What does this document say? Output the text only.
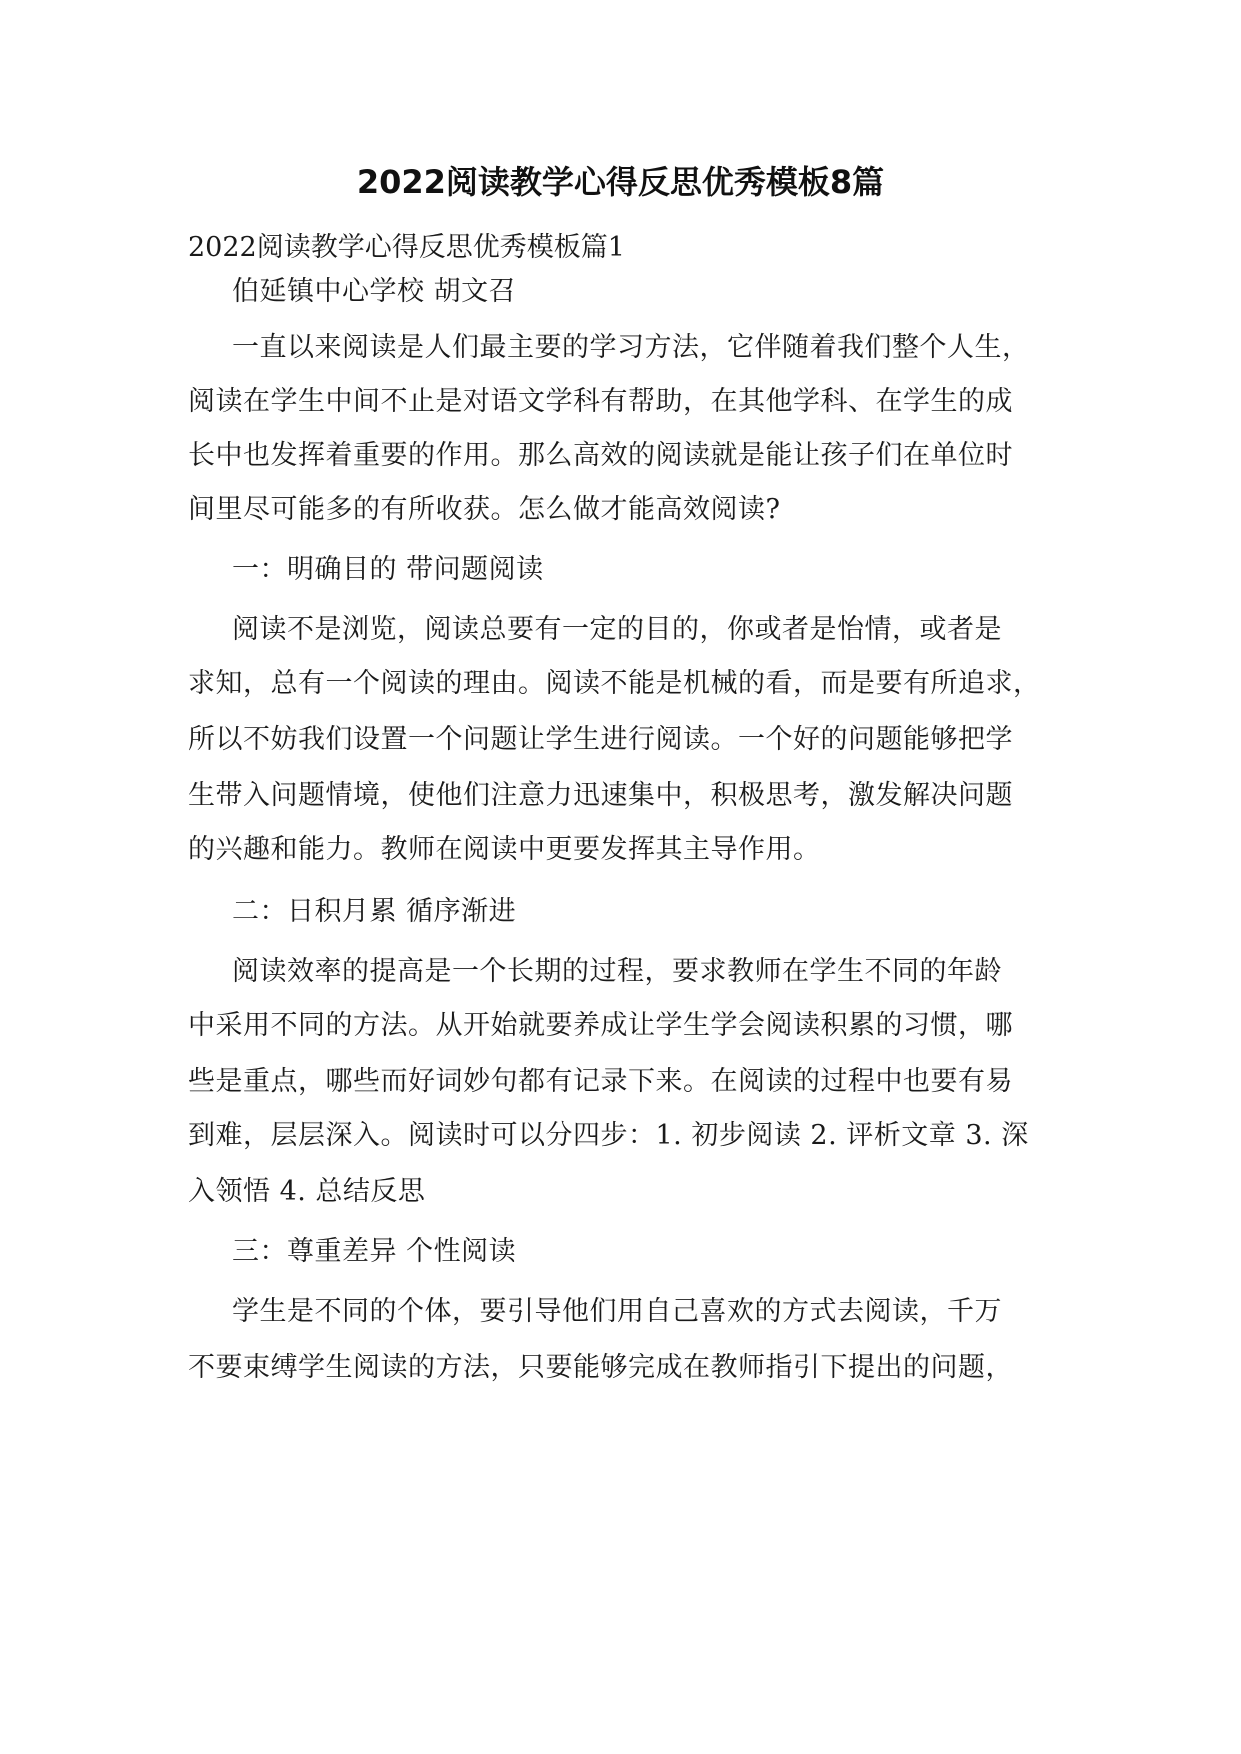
2022阅读教学心得反思优秀模板8篇

2022阅读教学心得反思优秀模板篇1

伯延镇中心学校 胡文召

一直以来阅读是人们最主要的学习方法，它伴随着我们整个人生，

阅读在学生中间不止是对语文学科有帮助，在其他学科、在学生的成

长中也发挥着重要的作用。那么高效的阅读就是能让孩子们在单位时

间里尽可能多的有所收获。怎么做才能高效阅读?

一：明确目的 带问题阅读

阅读不是浏览，阅读总要有一定的目的，你或者是怡情，或者是

求知，总有一个阅读的理由。阅读不能是机械的看，而是要有所追求，

所以不妨我们设置一个问题让学生进行阅读。一个好的问题能够把学

生带入问题情境，使他们注意力迅速集中，积极思考，激发解决问题

的兴趣和能力。教师在阅读中更要发挥其主导作用。

二：日积月累 循序渐进

阅读效率的提高是一个长期的过程，要求教师在学生不同的年龄

中采用不同的方法。从开始就要养成让学生学会阅读积累的习惯，哪

些是重点，哪些而好词妙句都有记录下来。在阅读的过程中也要有易

到难，层层深入。阅读时可以分四步：1. 初步阅读 2. 评析文章 3. 深

入领悟 4. 总结反思

三：尊重差异 个性阅读

学生是不同的个体，要引导他们用自己喜欢的方式去阅读，千万

不要束缚学生阅读的方法，只要能够完成在教师指引下提出的问题，
